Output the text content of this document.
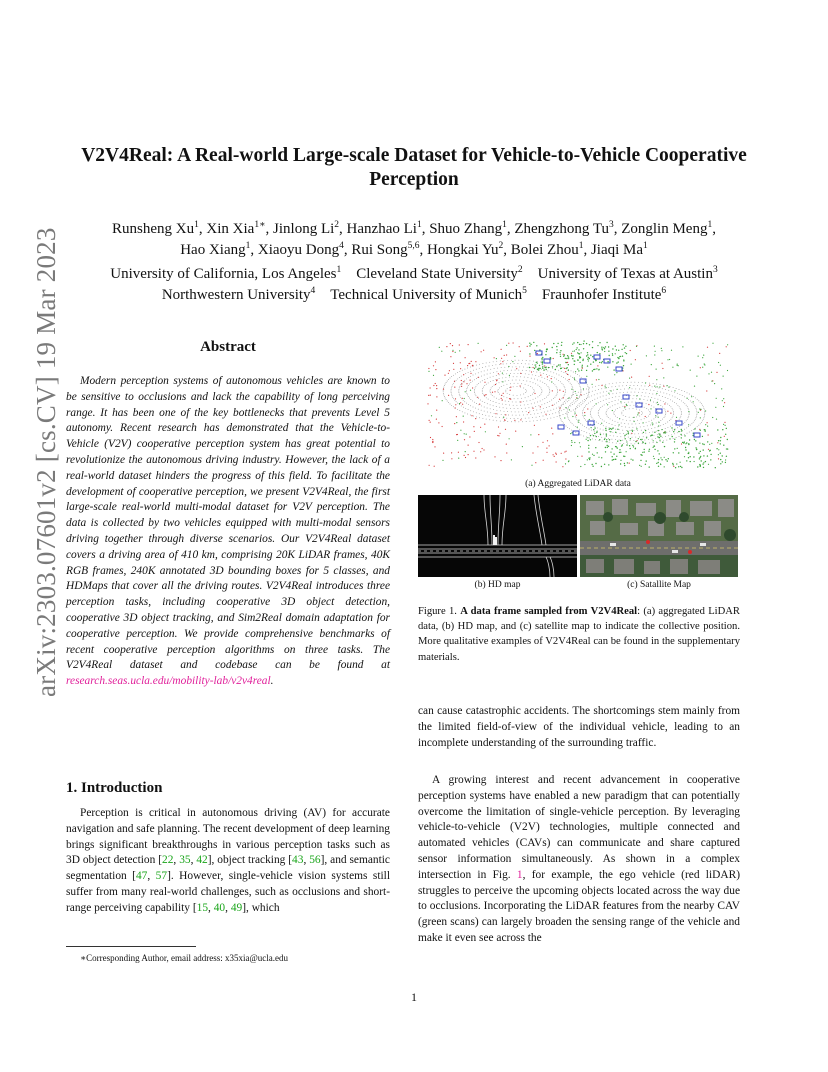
arXiv:2303.07601v2 [cs.CV] 19 Mar 2023
V2V4Real: A Real-world Large-scale Dataset for Vehicle-to-Vehicle Cooperative Perception
Runsheng Xu$^1$, Xin Xia$^{1∗}$, Jinlong Li$^2$, Hanzhao Li$^1$, Shuo Zhang$^1$, Zhengzhong Tu$^3$, Zonglin Meng$^1$,
Hao Xiang$^1$, Xiaoyu Dong$^4$, Rui Song$^{5,6}$, Hongkai Yu$^2$, Bolei Zhou$^1$, Jiaqi Ma$^1$
University of California, Los Angeles$^1$ Cleveland State University$^2$ University of Texas at Austin$^3$
Northwestern University$^4$ Technical University of Munich$^5$ Fraunhofer Institute$^6$
Abstract
Modern perception systems of autonomous vehicles are known to be sensitive to occlusions and lack the capability of long perceiving range. It has been one of the key bottlenecks that prevents Level 5 autonomy. Recent research has demonstrated that the Vehicle-to-Vehicle (V2V) cooperative perception system has great potential to revolutionize the autonomous driving industry. However, the lack of a real-world dataset hinders the progress of this field. To facilitate the development of cooperative perception, we present V2V4Real, the first large-scale real-world multi-modal dataset for V2V perception. The data is collected by two vehicles equipped with multi-modal sensors driving together through diverse scenarios. Our V2V4Real dataset covers a driving area of 410 km, comprising 20K LiDAR frames, 40K RGB frames, 240K annotated 3D bounding boxes for 5 classes, and HDMaps that cover all the driving routes. V2V4Real introduces three perception tasks, including cooperative 3D object detection, cooperative 3D object tracking, and Sim2Real domain adaptation for cooperative perception. We provide comprehensive benchmarks of recent cooperative perception algorithms on three tasks. The V2V4Real dataset and codebase can be found at research.seas.ucla.edu/mobility-lab/v2v4real.
1. Introduction
Perception is critical in autonomous driving (AV) for accurate navigation and safe planning. The recent development of deep learning brings significant breakthroughs in various perception tasks such as 3D object detection [22, 35, 42], object tracking [43, 56], and semantic segmentation [47, 57]. However, single-vehicle vision systems still suffer from many real-world challenges, such as occlusions and short-range perceiving capability [15, 40, 49], which
∗Corresponding Author, email address: x35xia@ucla.edu
1
(a) Aggregated LiDAR data
(b) HD map	(c) Satallite Map
Figure 1. A data frame sampled from V2V4Real: (a) aggregated LiDAR data, (b) HD map, and (c) satellite map to indicate the collective position. More qualitative examples of V2V4Real can be found in the supplementary materials.
can cause catastrophic accidents. The shortcomings stem mainly from the limited field-of-view of the individual vehicle, leading to an incomplete understanding of the surrounding traffic.
A growing interest and recent advancement in cooperative perception systems have enabled a new paradigm that can potentially overcome the limitation of single-vehicle perception. By leveraging vehicle-to-vehicle (V2V) technologies, multiple connected and automated vehicles (CAVs) can communicate and share captured sensor information simultaneously. As shown in a complex intersection in Fig. 1, for example, the ego vehicle (red liDAR) struggles to perceive the upcoming objects located across the way due to occlusions. Incorporating the LiDAR features from the nearby CAV (green scans) can largely broaden the sensing range of the vehicle and make it even see across the
